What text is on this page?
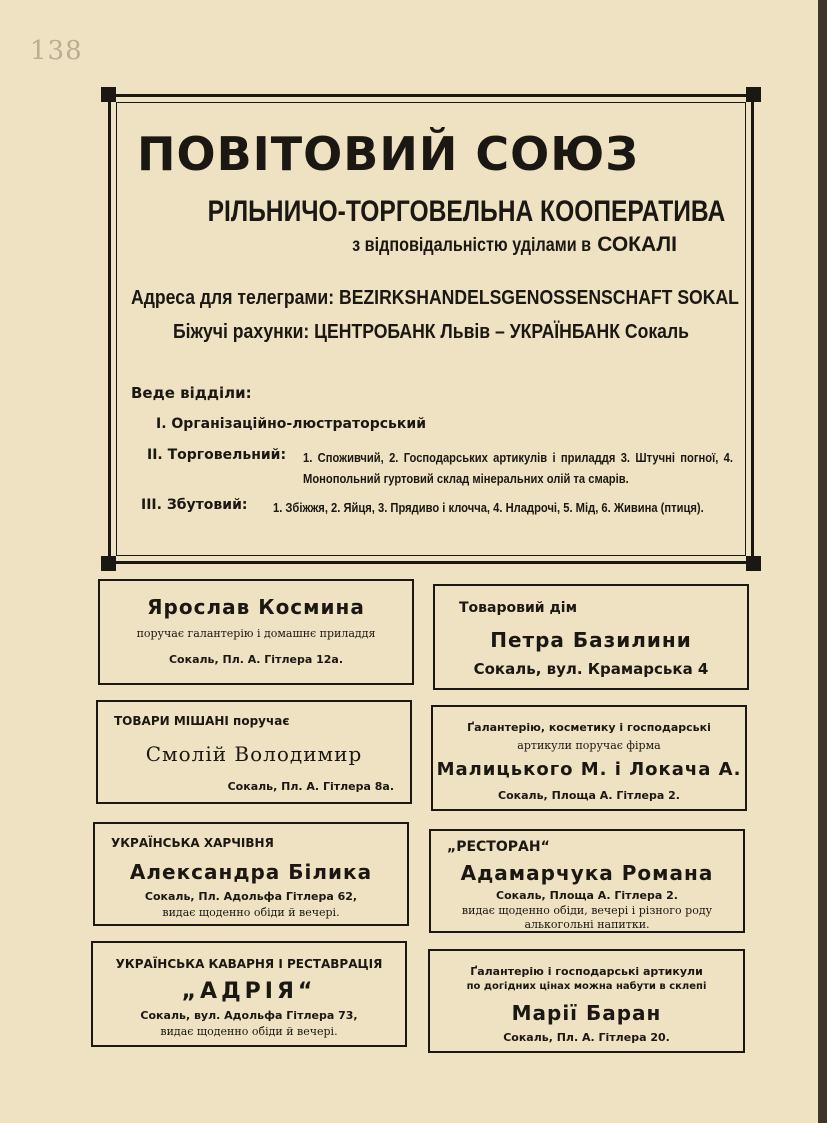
138
ПОВІТОВИЙ СОЮЗ
РІЛЬНИЧО-ТОРГОВЕЛЬНА КООПЕРАТИВА
з відповідальністю уділами в СОКАЛІ
Адреса для телеграми: BEZIRKSHANDELSGENOSSENSCHAFT SOKAL
Біжучі рахунки: ЦЕНТРОБАНК Львів – УКРАЇНБАНК Сокаль
Веде відділи:
I. Організаційно-люстраторський
II. Торговельний: 1. Споживчий, 2. Господарських артикулів і приладдя 3. Штучні погної, 4. Монопольний гуртовий склад мінеральних олій та смарів.
III. Збутовий: 1. Збіжжя, 2. Яйця, 3. Прядиво і клочча, 4. Нладрочі, 5. Мід, 6. Живина (птиця).
Ярослав Космина
поручає галантерію і домашнє приладдя
Сокаль, Пл. А. Гітлера 12а.
Товаровий дім
Петра Базилини
Сокаль, вул. Крамарська 4
ТОВАРИ МІШАНІ поручає
Смолій Володимир
Сокаль, Пл. А. Гітлера 8а.
Ґалантерію, косметику і господарські
артикули поручає фірма
Малицького М. і Локача А.
Сокаль, Площа А. Гітлера 2.
УКРАЇНСЬКА ХАРЧІВНЯ
Александра Білика
Сокаль, Пл. Адольфа Гітлера 62,
видає щоденно обіди й вечері.
„РЕСТОРАН“
Адамарчука Романа
Сокаль, Площа А. Гітлера 2.
видає щоденно обіди, вечері і різного роду
алькогольні напитки.
УКРАЇНСЬКА КАВАРНЯ І РЕСТАВРАЦІЯ
„АДРІЯ“
Сокаль, вул. Адольфа Гітлера 73,
видає щоденно обіди й вечері.
Ґалантерію і господарські артикули
по догідних цінах можна набути в склепі
Марії Баран
Сокаль, Пл. А. Гітлера 20.
